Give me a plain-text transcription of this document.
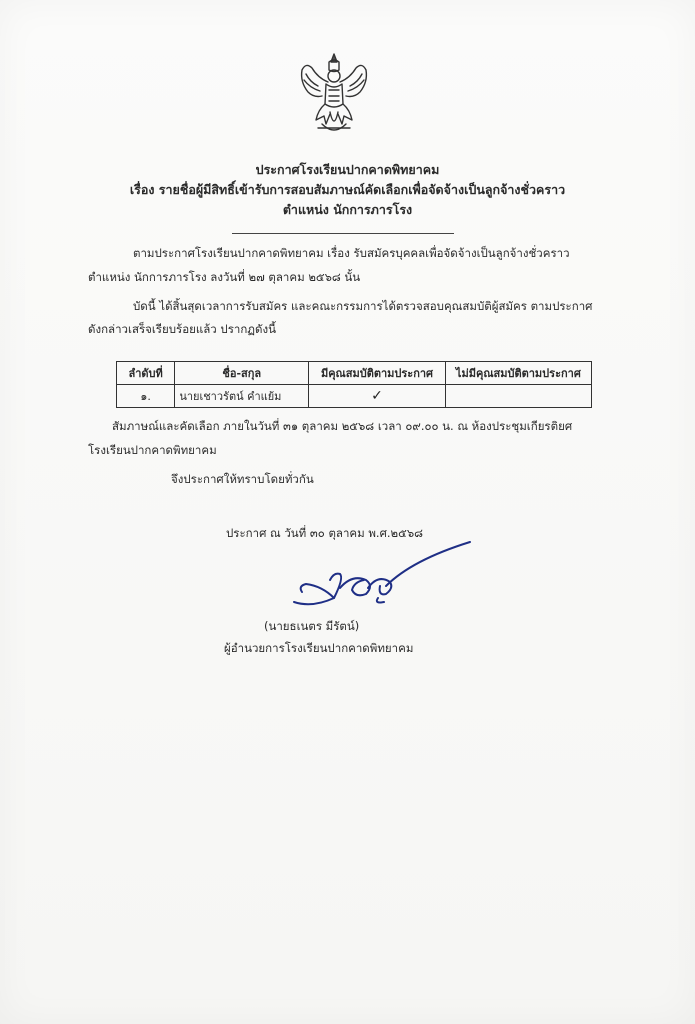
ประกาศโรงเรียนปากคาดพิทยาคม
เรื่อง รายชื่อผู้มีสิทธิ์เข้ารับการสอบสัมภาษณ์คัดเลือกเพื่อจัดจ้างเป็นลูกจ้างชั่วคราว
ตำแหน่ง นักการภารโรง
ตามประกาศโรงเรียนปากคาดพิทยาคม เรื่อง รับสมัครบุคคลเพื่อจัดจ้างเป็นลูกจ้างชั่วคราว
ตำแหน่ง นักการภารโรง ลงวันที่ ๒๗ ตุลาคม ๒๕๖๘ นั้น
บัดนี้ ได้สิ้นสุดเวลาการรับสมัคร และคณะกรรมการได้ตรวจสอบคุณสมบัติผู้สมัคร ตามประกาศ
ดังกล่าวเสร็จเรียบร้อยแล้ว ปรากฏดังนี้
ลำดับที่	ชื่อ-สกุล	มีคุณสมบัติตามประกาศ	ไม่มีคุณสมบัติตามประกาศ
๑.	นายเชาวรัตน์ คำแย้ม	✓	
สัมภาษณ์และคัดเลือก ภายในวันที่ ๓๑ ตุลาคม ๒๕๖๘ เวลา ๐๙.๐๐ น. ณ ห้องประชุมเกียรติยศ
โรงเรียนปากคาดพิทยาคม
จึงประกาศให้ทราบโดยทั่วกัน
ประกาศ ณ วันที่ ๓๐ ตุลาคม พ.ศ.๒๕๖๘
(นายธเนตร มีรัตน์)
ผู้อำนวยการโรงเรียนปากคาดพิทยาคม
